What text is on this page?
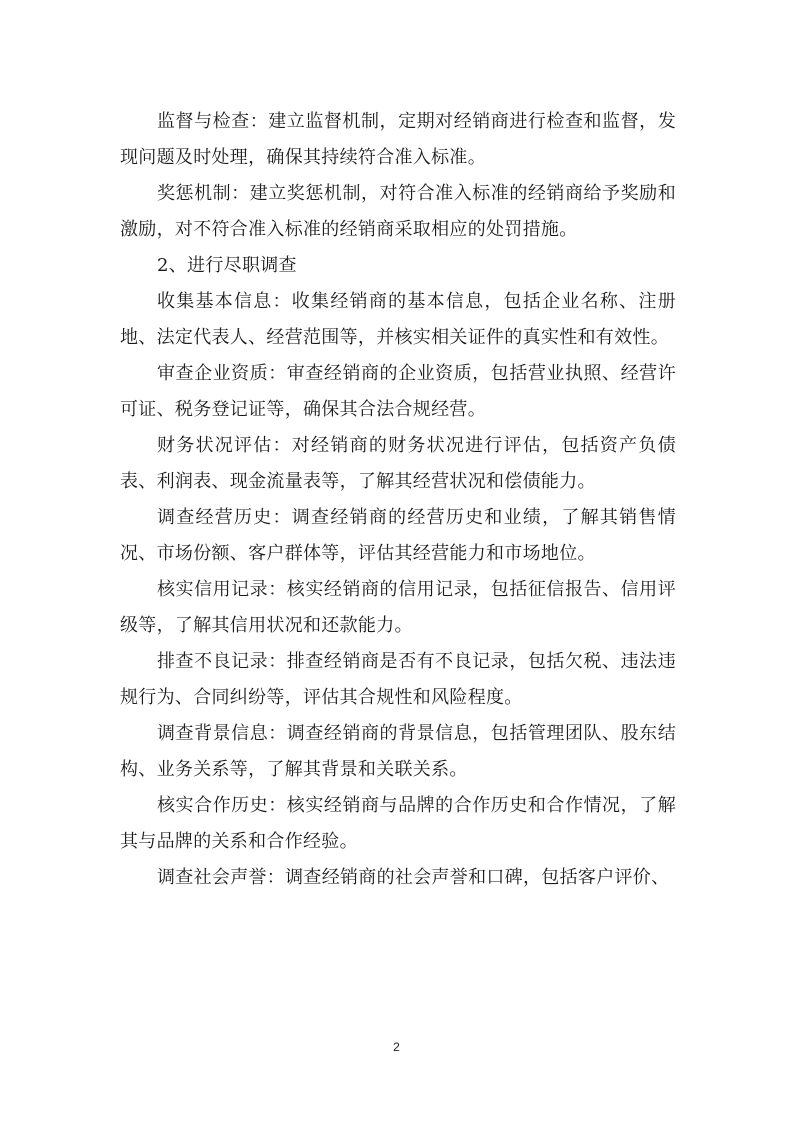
监督与检查：建立监督机制，定期对经销商进行检查和监督，发现问题及时处理，确保其持续符合准入标准。

奖惩机制：建立奖惩机制，对符合准入标准的经销商给予奖励和激励，对不符合准入标准的经销商采取相应的处罚措施。

2、进行尽职调查

收集基本信息：收集经销商的基本信息，包括企业名称、注册地、法定代表人、经营范围等，并核实相关证件的真实性和有效性。

审查企业资质：审查经销商的企业资质，包括营业执照、经营许可证、税务登记证等，确保其合法合规经营。

财务状况评估：对经销商的财务状况进行评估，包括资产负债表、利润表、现金流量表等，了解其经营状况和偿债能力。

调查经营历史：调查经销商的经营历史和业绩，了解其销售情况、市场份额、客户群体等，评估其经营能力和市场地位。

核实信用记录：核实经销商的信用记录，包括征信报告、信用评级等，了解其信用状况和还款能力。

排查不良记录：排查经销商是否有不良记录，包括欠税、违法违规行为、合同纠纷等，评估其合规性和风险程度。

调查背景信息：调查经销商的背景信息，包括管理团队、股东结构、业务关系等，了解其背景和关联关系。

核实合作历史：核实经销商与品牌的合作历史和合作情况，了解其与品牌的关系和合作经验。

调查社会声誉：调查经销商的社会声誉和口碑，包括客户评价、

2
